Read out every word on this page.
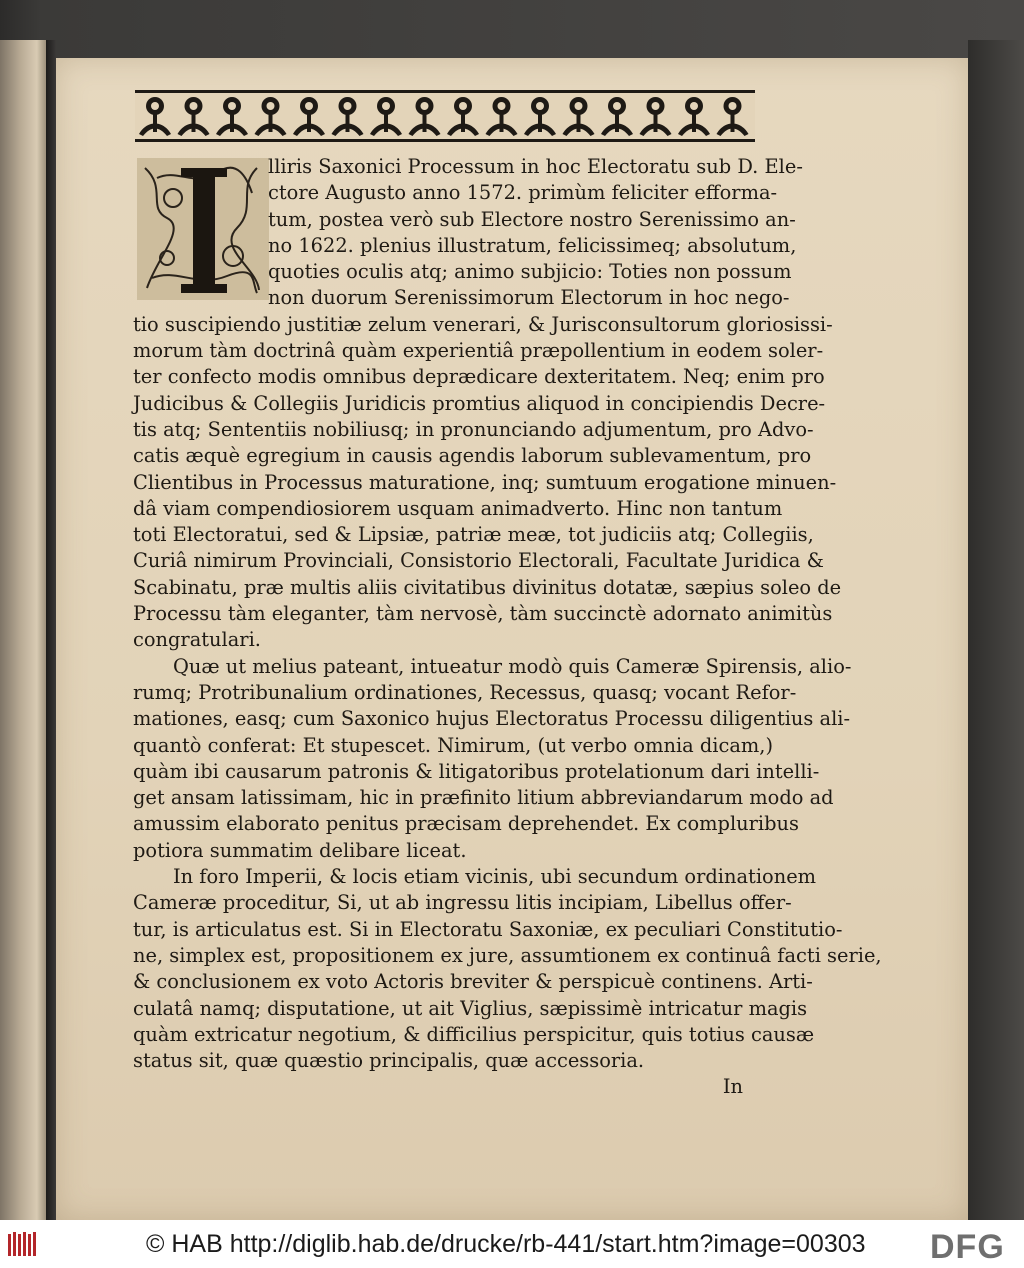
lliris Saxonici Processum in hoc Electoratu sub D. Ele-
ctore Augusto anno 1572. primùm feliciter efforma-
tum, postea verò sub Electore nostro Serenissimo an-
no 1622. plenius illustratum, felicissimeq; absolutum,
quoties oculis atq; animo subjicio: Toties non possum
non duorum Serenissimorum Electorum in hoc nego-
tio suscipiendo justitiæ zelum venerari, & Jurisconsultorum gloriosissi-
morum tàm doctrinâ quàm experientiâ præpollentium in eodem soler-
ter confecto modis omnibus deprædicare dexteritatem. Neq; enim pro
Judicibus & Collegiis Juridicis promtius aliquod in concipiendis Decre-
tis atq; Sententiis nobiliusq; in pronunciando adjumentum, pro Advo-
catis æquè egregium in causis agendis laborum sublevamentum, pro
Clientibus in Processus maturatione, inq; sumtuum erogatione minuen-
dâ viam compendiosiorem usquam animadverto. Hinc non tantum
toti Electoratui, sed & Lipsiæ, patriæ meæ, tot judiciis atq; Collegiis,
Curiâ nimirum Provinciali, Consistorio Electorali, Facultate Juridica &
Scabinatu, præ multis aliis civitatibus divinitus dotatæ, sæpius soleo de
Processu tàm eleganter, tàm nervosè, tàm succinctè adornato animitùs
congratulari.
Quæ ut melius pateant, intueatur modò quis Cameræ Spirensis, alio-
rumq; Protribunalium ordinationes, Recessus, quasq; vocant Refor-
mationes, easq; cum Saxonico hujus Electoratus Processu diligentius ali-
quantò conferat: Et stupescet. Nimirum, (ut verbo omnia dicam,)
quàm ibi causarum patronis & litigatoribus protelationum dari intelli-
get ansam latissimam, hic in præfinito litium abbreviandarum modo ad
amussim elaborato penitus præcisam deprehendet. Ex compluribus
potiora summatim delibare liceat.
In foro Imperii, & locis etiam vicinis, ubi secundum ordinationem
Cameræ proceditur, Si, ut ab ingressu litis incipiam, Libellus offer-
tur, is articulatus est. Si in Electoratu Saxoniæ, ex peculiari Constitutio-
ne, simplex est, propositionem ex jure, assumtionem ex continuâ facti serie,
& conclusionem ex voto Actoris breviter & perspicuè continens. Arti-
culatâ namq; disputatione, ut ait Viglius, sæpissimè intricatur magis
quàm extricatur negotium, & difficilius perspicitur, quis totius causæ
status sit, quæ quæstio principalis, quæ accessoria.
In
© HAB http://diglib.hab.de/drucke/rb-441/start.htm?image=00303 DFG
